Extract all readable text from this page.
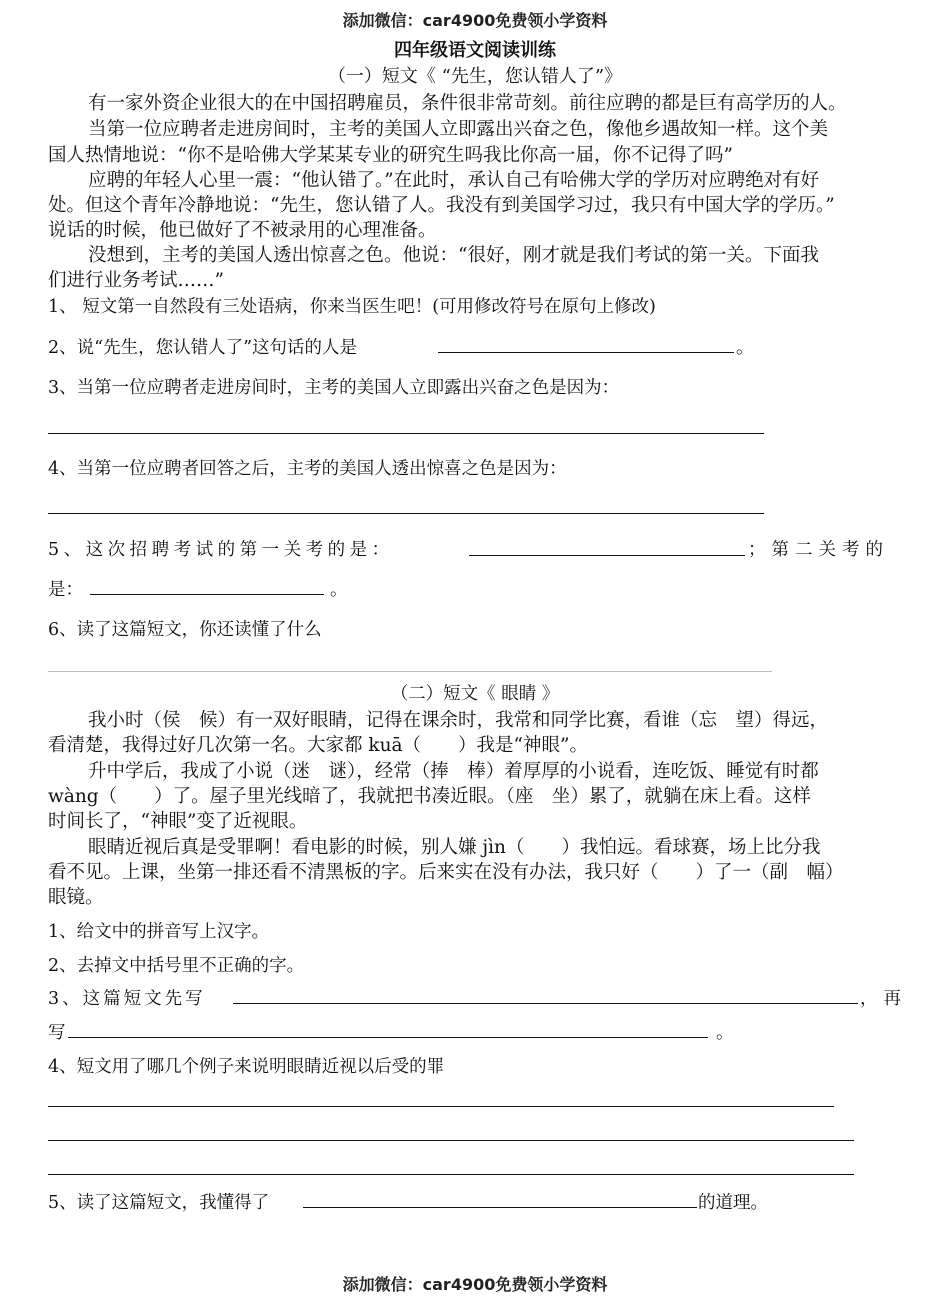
添加微信：car4900免费领小学资料
四年级语文阅读训练
（一）短文《 “先生，您认错人了”》
有一家外资企业很大的在中国招聘雇员，条件很非常苛刻。前往应聘的都是巨有高学历的人。
当第一位应聘者走进房间时，主考的美国人立即露出兴奋之色，像他乡遇故知一样。这个美
国人热情地说：“你不是哈佛大学某某专业的研究生吗我比你高一届，你不记得了吗”
应聘的年轻人心里一震：“他认错了。”在此时，承认自己有哈佛大学的学历对应聘绝对有好
处。但这个青年冷静地说：“先生，您认错了人。我没有到美国学习过，我只有中国大学的学历。”
说话的时候，他已做好了不被录用的心理准备。
没想到，主考的美国人透出惊喜之色。他说：“很好，刚才就是我们考试的第一关。下面我
们进行业务考试……”
1、 短文第一自然段有三处语病，你来当医生吧！(可用修改符号在原句上修改)
2、说“先生，您认错人了”这句话的人是	。
3、当第一位应聘者走进房间时，主考的美国人立即露出兴奋之色是因为：
4、当第一位应聘者回答之后，主考的美国人透出惊喜之色是因为：
5、这次招聘考试的第一关考的是：	；第二关考的
是：	。
6、读了这篇短文，你还读懂了什么
（二）短文《 眼睛 》
我小时（侯　候）有一双好眼睛，记得在课余时，我常和同学比赛，看谁（忘　望）得远，
看清楚，我得过好几次第一名。大家都 kuā（　　）我是“神眼”。
升中学后，我成了小说（迷　谜），经常（捧　棒）着厚厚的小说看，连吃饭、睡觉有时都
wàng（　　）了。屋子里光线暗了，我就把书凑近眼。（座　坐）累了，就躺在床上看。这样
时间长了，“神眼”变了近视眼。
眼睛近视后真是受罪啊！看电影的时候，别人嫌 jìn（　　）我怕远。看球赛，场上比分我
看不见。上课，坐第一排还看不清黑板的字。后来实在没有办法，我只好（　　）了一（副　幅）
眼镜。
1、给文中的拼音写上汉字。
2、去掉文中括号里不正确的字。
3、这篇短文先写	，再
写	。
4、短文用了哪几个例子来说明眼睛近视以后受的罪
5、读了这篇短文，我懂得了	的道理。
添加微信：car4900免费领小学资料
